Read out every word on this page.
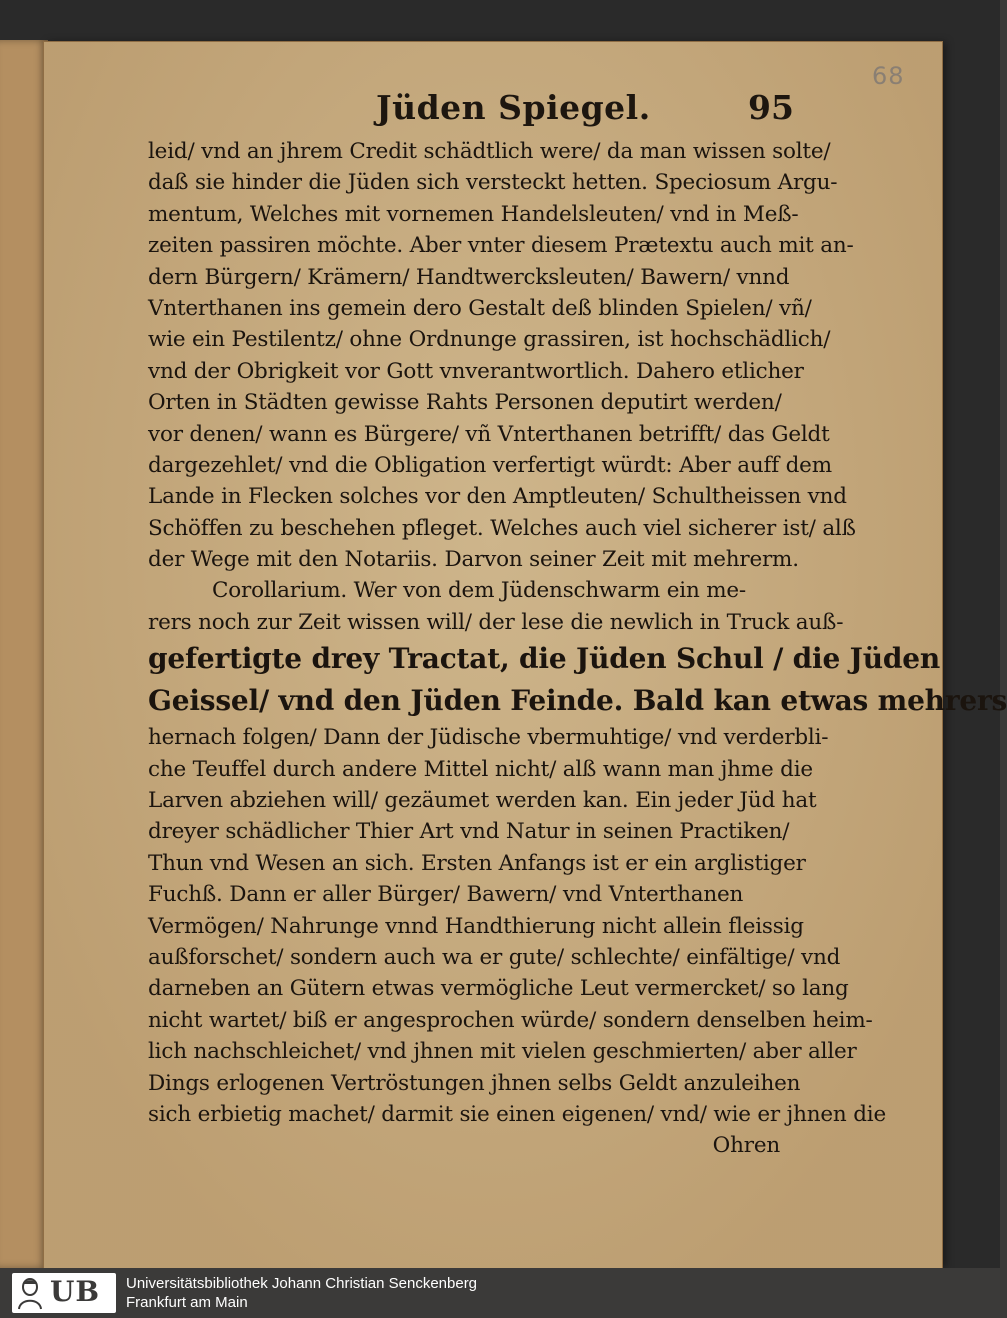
68
Jüden Spiegel.	95
leid/ vnd an jhrem Credit schädtlich were/ da man wissen solte/
daß sie hinder die Jüden sich versteckt hetten. Speciosum Argu-
mentum, Welches mit vornemen Handelsleuten/ vnd in Meß-
zeiten passiren möchte. Aber vnter diesem Prætextu auch mit an-
dern Bürgern/ Krämern/ Handtwercksleuten/ Bawern/ vnnd
Vnterthanen ins gemein dero Gestalt deß blinden Spielen/ vñ/
wie ein Pestilentz/ ohne Ordnunge grassiren, ist hochschädlich/
vnd der Obrigkeit vor Gott vnverantwortlich. Dahero etlicher
Orten in Städten gewisse Rahts Personen deputirt werden/
vor denen/ wann es Bürgere/ vñ Vnterthanen betrifft/ das Geldt
dargezehlet/ vnd die Obligation verfertigt würdt: Aber auff dem
Lande in Flecken solches vor den Amptleuten/ Schultheissen vnd
Schöffen zu beschehen pfleget. Welches auch viel sicherer ist/ alß
der Wege mit den Notariis. Darvon seiner Zeit mit mehrerm.
Corollarium. Wer von dem Jüdenschwarm ein me-
rers noch zur Zeit wissen will/ der lese die newlich in Truck auß-
gefertigte drey Tractat, die Jüden Schul / die Jüden
Geissel/ vnd den Jüden Feinde. Bald kan etwas mehrers
hernach folgen/ Dann der Jüdische vbermuhtige/ vnd verderbli-
che Teuffel durch andere Mittel nicht/ alß wann man jhme die
Larven abziehen will/ gezäumet werden kan. Ein jeder Jüd hat
dreyer schädlicher Thier Art vnd Natur in seinen Practiken/
Thun vnd Wesen an sich. Ersten Anfangs ist er ein arglistiger
Fuchß. Dann er aller Bürger/ Bawern/ vnd Vnterthanen
Vermögen/ Nahrunge vnnd Handthierung nicht allein fleissig
außforschet/ sondern auch wa er gute/ schlechte/ einfältige/ vnd
darneben an Gütern etwas vermögliche Leut vermercket/ so lang
nicht wartet/ biß er angesprochen würde/ sondern denselben heim-
lich nachschleichet/ vnd jhnen mit vielen geschmierten/ aber aller
Dings erlogenen Vertröstungen jhnen selbs Geldt anzuleihen
sich erbietig machet/ darmit sie einen eigenen/ vnd/ wie er jhnen die
Ohren
UB Universitätsbibliothek Johann Christian Senckenberg
Frankfurt am Main
